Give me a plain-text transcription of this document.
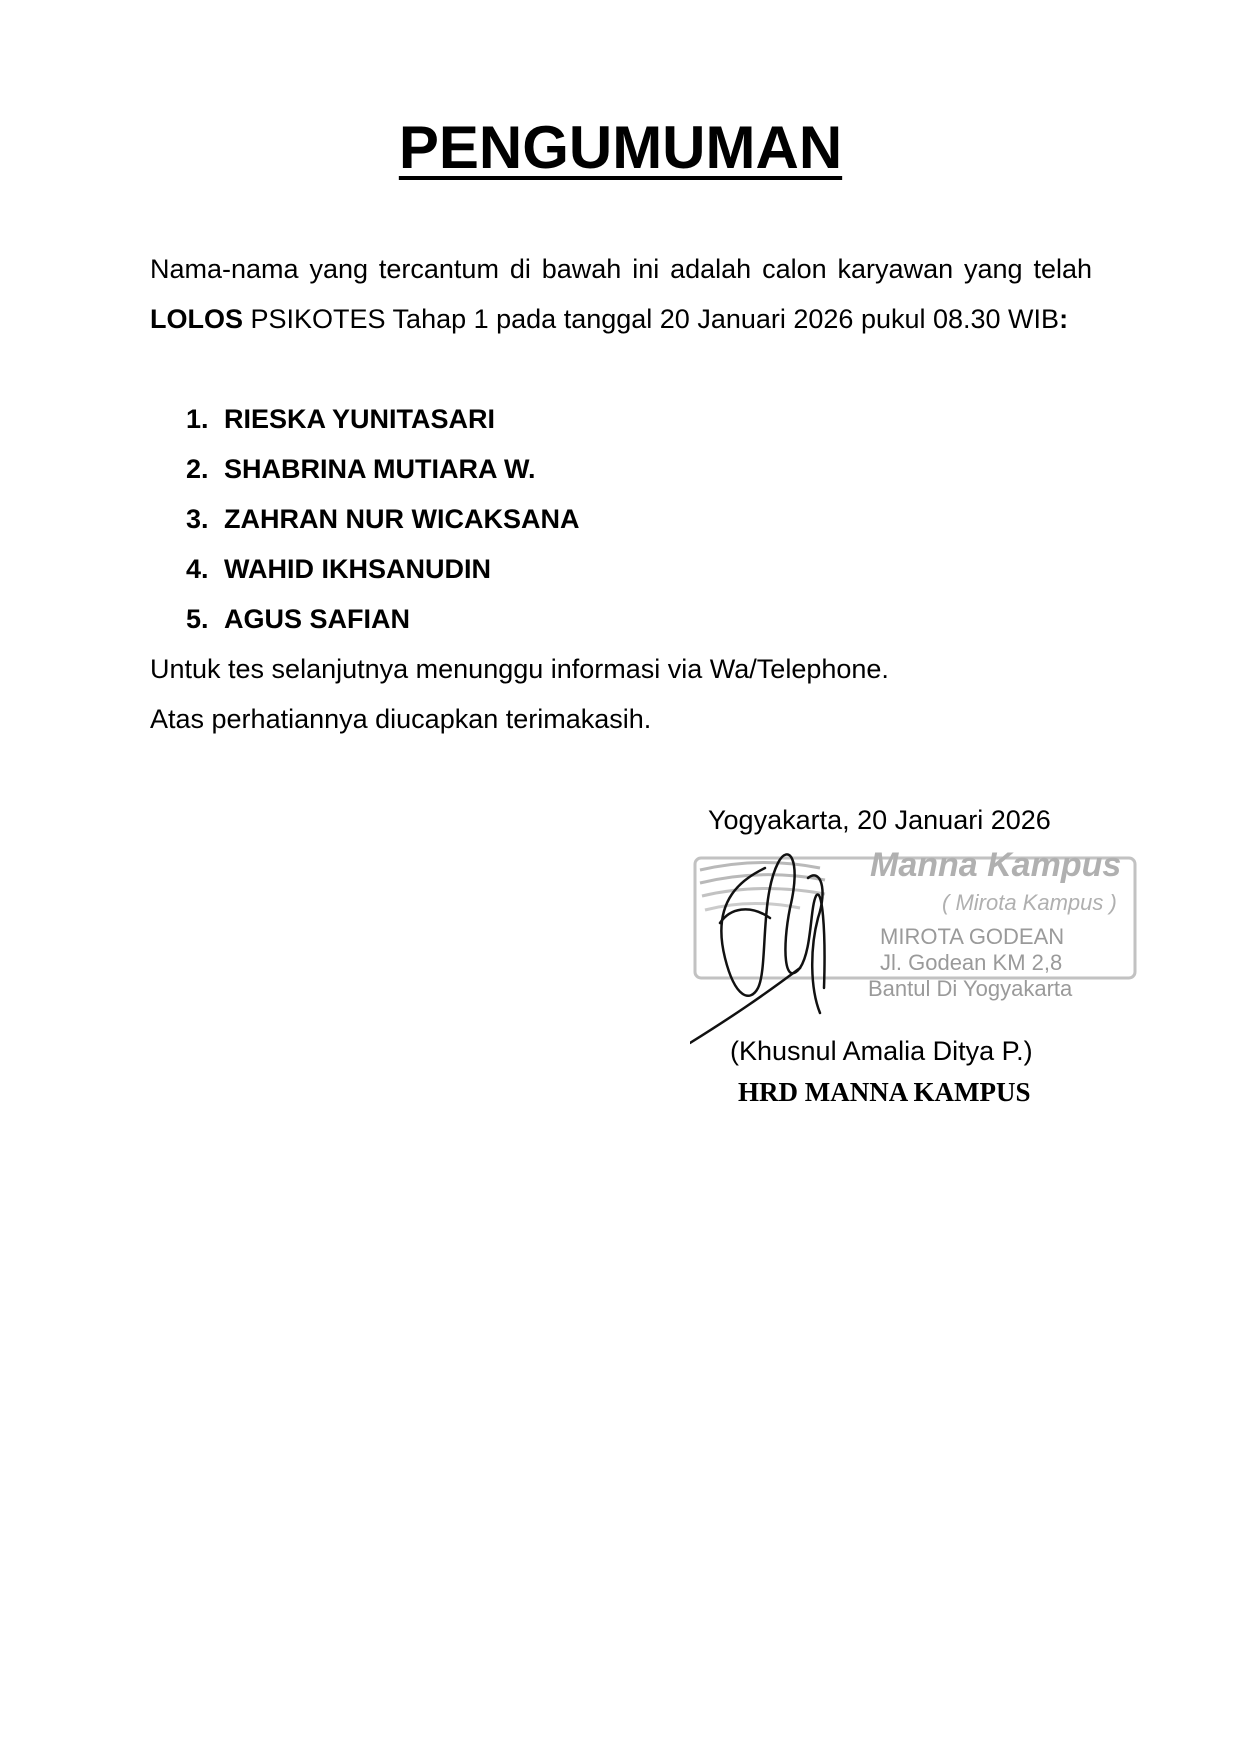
PENGUMUMAN

Nama-nama yang tercantum di bawah ini adalah calon karyawan yang telah LOLOS PSIKOTES Tahap 1 pada tanggal 20 Januari 2026 pukul 08.30 WIB:

1. RIESKA YUNITASARI
2. SHABRINA MUTIARA W.
3. ZAHRAN NUR WICAKSANA
4. WAHID IKHSANUDIN
5. AGUS SAFIAN

Untuk tes selanjutnya menunggu informasi via Wa/Telephone.

Atas perhatiannya diucapkan terimakasih.

Yogyakarta, 20 Januari 2026
Manna Kampus
( Mirota Kampus )
MIROTA GODEAN
Jl. Godean KM 2,8
Bantul Di Yogyakarta
(Khusnul Amalia Ditya P.)
HRD MANNA KAMPUS
